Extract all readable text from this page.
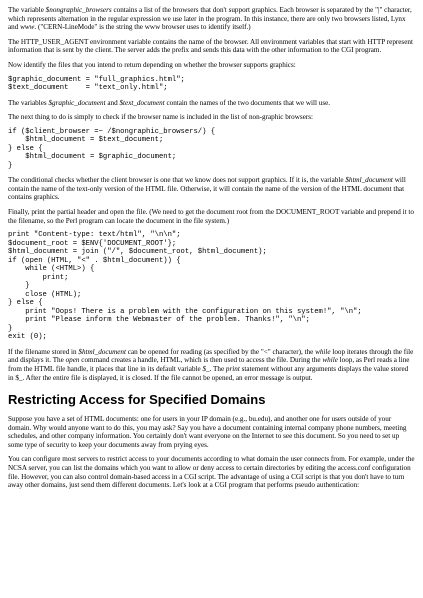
The variable $nongraphic_browsers contains a list of the browsers that don't support graphics. Each browser is separated by the "|" character, which represents alternation in the regular expression we use later in the program. In this instance, there are only two browsers listed, Lynx and www. ("CERN-LineMode" is the string the www browser uses to identify itself.)

The HTTP_USER_AGENT environment variable contains the name of the browser. All environment variables that start with HTTP represent information that is sent by the client. The server adds the prefix and sends this data with the other information to the CGI program.

Now identify the files that you intend to return depending on whether the browser supports graphics:

$graphic_document = "full_graphics.html";
$text_document    = "text_only.html";

The variables $graphic_document and $text_document contain the names of the two documents that we will use.

The next thing to do is simply to check if the browser name is included in the list of non-graphic browsers:

if ($client_browser =~ /$nongraphic_browsers/) {
$html_document = $text_document;
} else {
$html_document = $graphic_document;
}

The conditional checks whether the client browser is one that we know does not support graphics. If it is, the variable $html_document will contain the name of the text-only version of the HTML file. Otherwise, it will contain the name of the version of the HTML document that contains graphics.

Finally, print the partial header and open the file. (We need to get the document root from the DOCUMENT_ROOT variable and prepend it to the filename, so the Perl program can locate the document in the file system.)

print "Content-type: text/html", "\n\n";
$document_root = $ENV{'DOCUMENT_ROOT'};
$html_document = join ("/", $document_root, $html_document);
if (open (HTML, "<" . $html_document)) {
while (<HTML>) {
print;
}
close (HTML);
} else {
print "Oops! There is a problem with the configuration on this system!", "\n";
print "Please inform the Webmaster of the problem. Thanks!", "\n";
}
exit (0);

If the filename stored in $html_document can be opened for reading (as specified by the "<" character), the while loop iterates through the file and displays it. The open command creates a handle, HTML, which is then used to access the file. During the while loop, as Perl reads a line from the HTML file handle, it places that line in its default variable $_. The print statement without any arguments displays the value stored in $_. After the entire file is displayed, it is closed. If the file cannot be opened, an error message is output.

Restricting Access for Specified Domains

Suppose you have a set of HTML documents: one for users in your IP domain (e.g., bu.edu), and another one for users outside of your domain. Why would anyone want to do this, you may ask? Say you have a document containing internal company phone numbers, meeting schedules, and other company information. You certainly don't want everyone on the Internet to see this document. So you need to set up some type of security to keep your documents away from prying eyes.

You can configure most servers to restrict access to your documents according to what domain the user connects from. For example, under the NCSA server, you can list the domains which you want to allow or deny access to certain directories by editing the access.conf configuration file. However, you can also control domain-based access in a CGI script. The advantage of using a CGI script is that you don't have to turn away other domains, just send them different documents. Let's look at a CGI program that performs pseudo authentication:
